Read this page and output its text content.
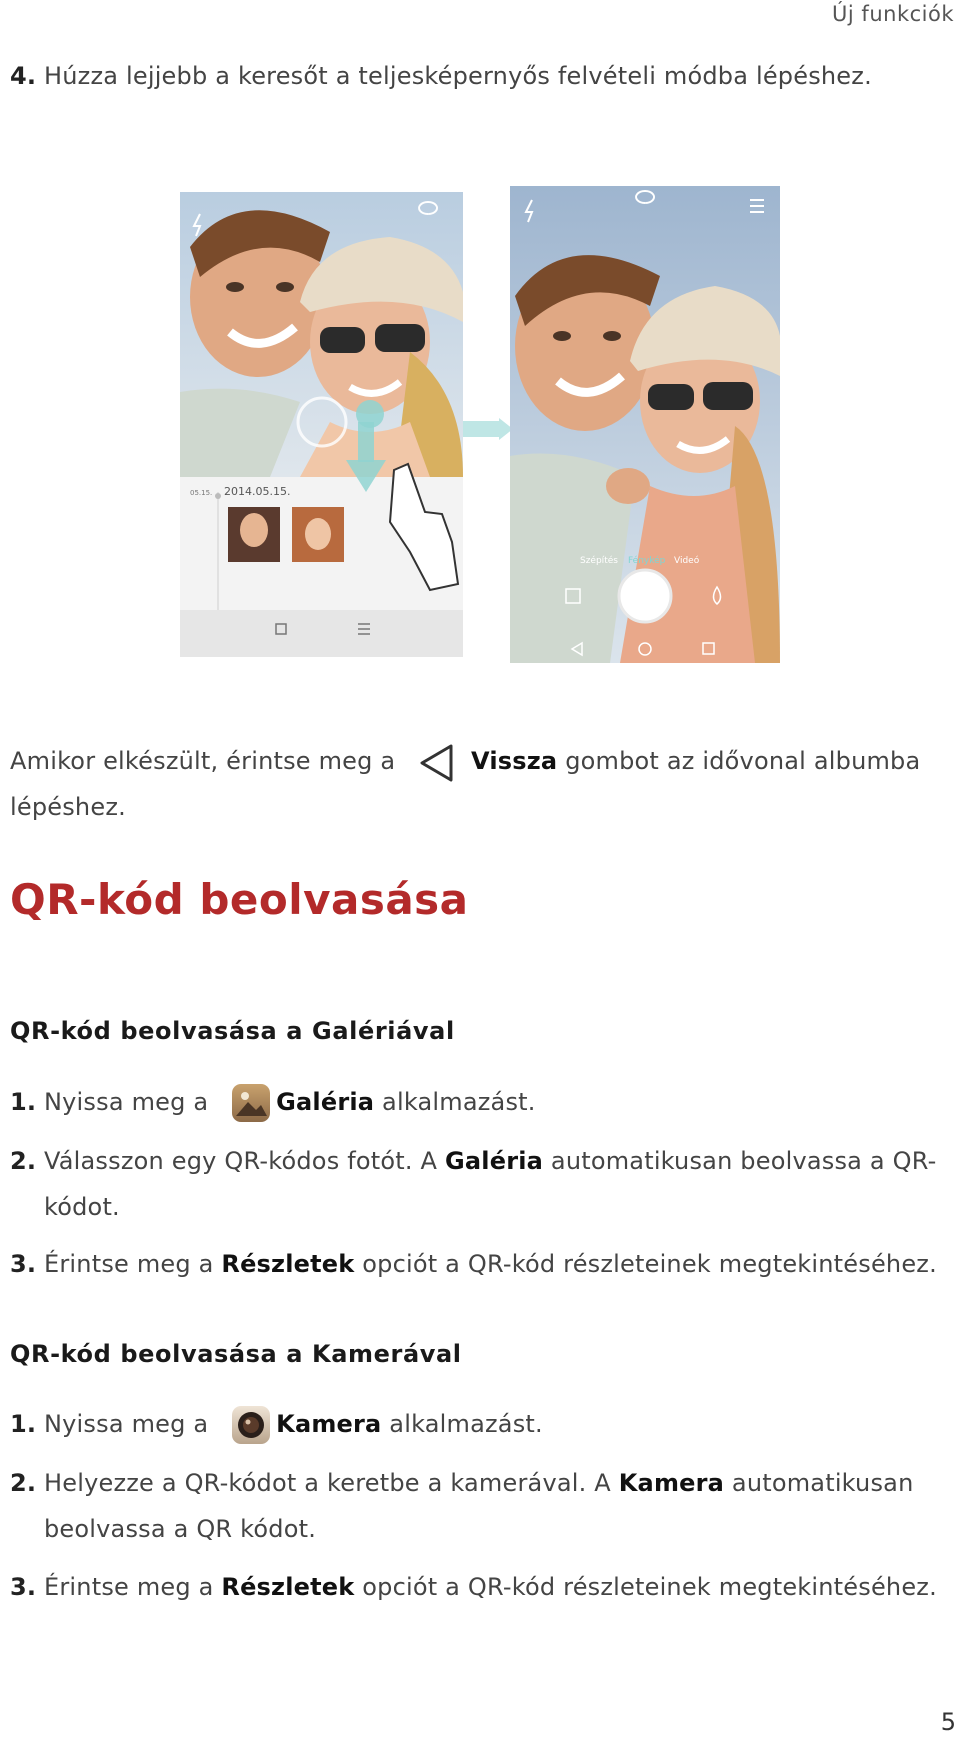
Új funkciók
4. Húzza lejjebb a keresőt a teljesképernyős felvételi módba lépéshez.
05.15. 2014.05.15.
Szépítés Fénykép Videó
Amikor elkészült, érintse meg a	Vissza gombot az idővonal albumba
lépéshez.
QR-kód beolvasása
QR-kód beolvasása a Galériával
1. Nyissa meg a	Galéria alkalmazást.
2. Válasszon egy QR-kódos fotót. A Galéria automatikusan beolvassa a QR-
kódot.
3. Érintse meg a Részletek opciót a QR-kód részleteinek megtekintéséhez.
QR-kód beolvasása a Kamerával
1. Nyissa meg a	Kamera alkalmazást.
2. Helyezze a QR-kódot a keretbe a kamerával. A Kamera automatikusan
beolvassa a QR kódot.
3. Érintse meg a Részletek opciót a QR-kód részleteinek megtekintéséhez.
5
